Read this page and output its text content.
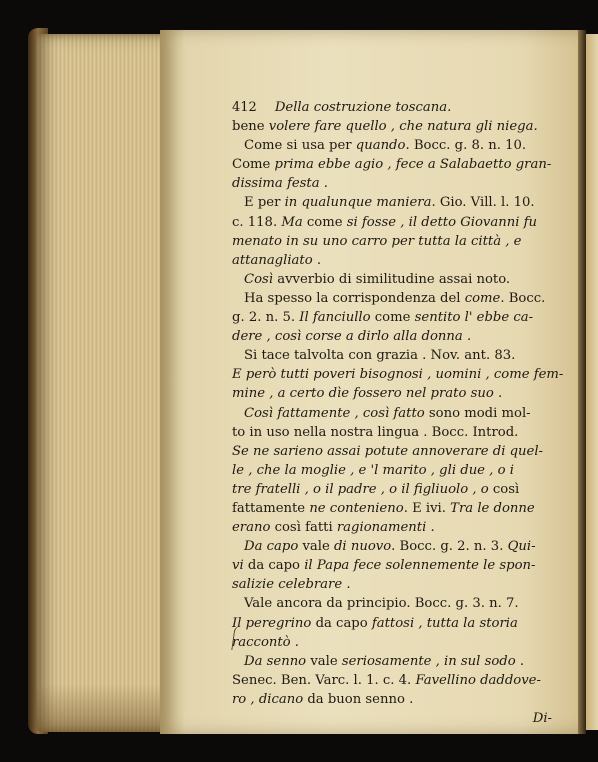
412 Della costruzione toscana.
bene volere fare quello , che natura gli niega.
Come si usa per quando. Bocc. g. 8. n. 10.
Come prima ebbe agio , fece a Salabaetto gran-
dissima festa .
E per in qualunque maniera. Gio. Vill. l. 10.
c. 118. Ma come si fosse , il detto Giovanni fu
menato in su uno carro per tutta la città , e
attanagliato .
Così avverbio di similitudine assai noto.
Ha spesso la corrispondenza del come. Bocc.
g. 2. n. 5. Il fanciullo come sentito l' ebbe ca-
dere , così corse a dirlo alla donna .
Si tace talvolta con grazia . Nov. ant. 83.
E però tutti poveri bisognosi , uomini , come fem-
mine , a certo dìe fossero nel prato suo .
Così fattamente , così fatto sono modi mol-
to in uso nella nostra lingua . Bocc. Introd.
Se ne sarieno assai potute annoverare di quel-
le , che la moglie , e 'l marito , gli due , o i
tre fratelli , o il padre , o il figliuolo , o così
fattamente ne contenieno. E ivi. Tra le donne
erano così fatti ragionamenti .
Da capo vale di nuovo. Bocc. g. 2. n. 3. Qui-
vi da capo il Papa fece solennemente le spon-
salizie celebrare .
Vale ancora da principio. Bocc. g. 3. n. 7.
Il peregrino da capo fattosi , tutta la storia
raccontò .
Da senno vale seriosamente , in sul sodo .
Senec. Ben. Varc. l. 1. c. 4. Favellino daddove-
ro , dicano da buon senno .
Di-
